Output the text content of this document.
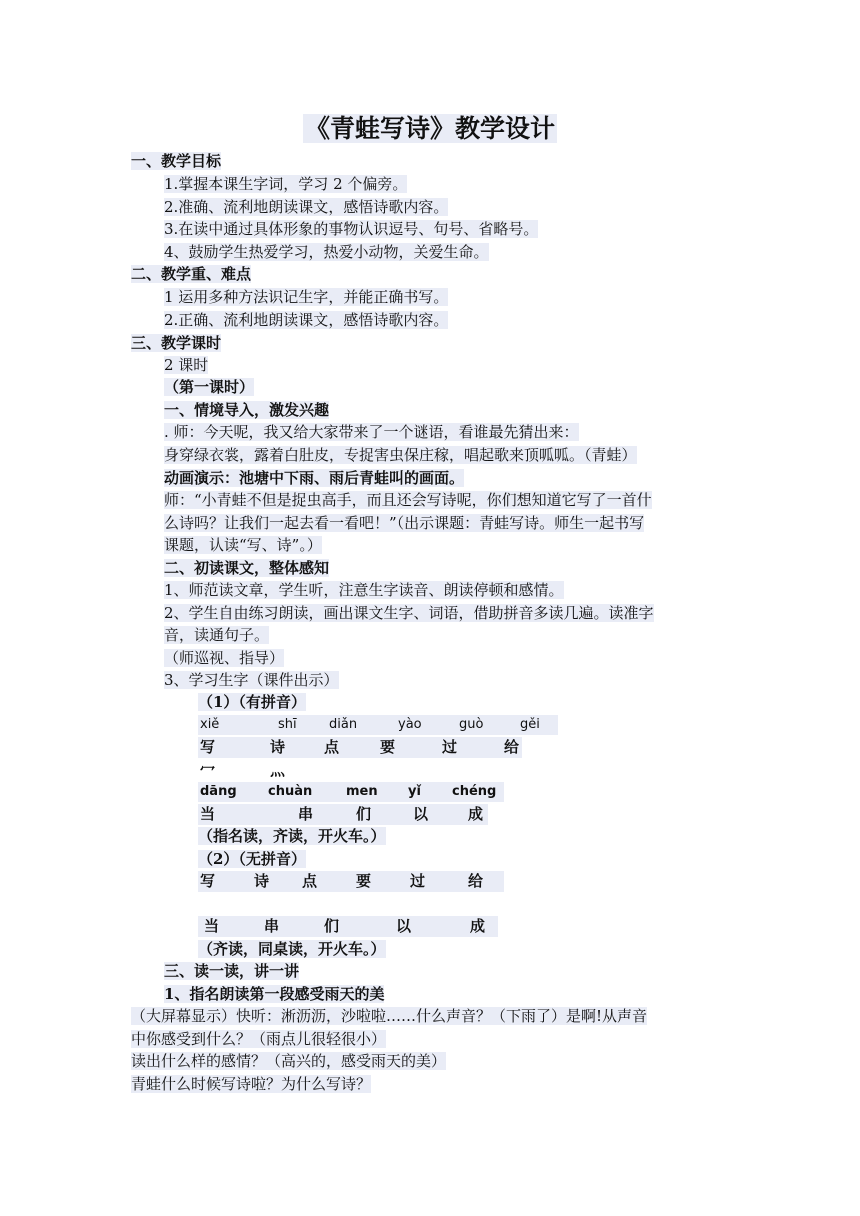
《青蛙写诗》教学设计
一、教学目标
1.掌握本课生字词，学习 2 个偏旁。
2.准确、流利地朗读课文，感悟诗歌内容。
3.在读中通过具体形象的事物认识逗号、句号、省略号。
4、鼓励学生热爱学习，热爱小动物，关爱生命。
二、教学重、难点
1 运用多种方法识记生字，并能正确书写。
2.正确、流利地朗读课文，感悟诗歌内容。
三、教学课时
2 课时
（第一课时）
一、情境导入，激发兴趣
. 师：今天呢，我又给大家带来了一个谜语，看谁最先猜出来：
身穿绿衣裳，露着白肚皮，专捉害虫保庄稼，唱起歌来顶呱呱。（青蛙）
动画演示：池塘中下雨、雨后青蛙叫的画面。
师：“小青蛙不但是捉虫高手，而且还会写诗呢，你们想知道它写了一首什
么诗吗？让我们一起去看一看吧！”（出示课题：青蛙写诗。师生一起书写
课题，认读“写、诗”。）
二、初读课文，整体感知
1、师范读文章，学生听，注意生字读音、朗读停顿和感情。
2、学生自由练习朗读，画出课文生字、词语，借助拼音多读几遍。读准字
音，读通句子。
（师巡视、指导）
3、学习生字（课件出示）
（1）（有拼音）
xiě	shī diǎn	yào	guò	gěi
写	诗	点	要	过	给
冖	灬
dāng chuàn	men yǐ chéng
当	串	们	以	成
（指名读，齐读，开火车。）
（2）（无拼音）
写	诗 点	要	过	给
当	串	们	以	成
（齐读，同桌读，开火车。）
三、读一读，讲一讲
1、指名朗读第一段感受雨天的美
（大屏幕显示）快听：淅沥沥，沙啦啦……什么声音？（下雨了）是啊!从声音
中你感受到什么？（雨点儿很轻很小）
读出什么样的感情？（高兴的，感受雨天的美）
青蛙什么时候写诗啦？为什么写诗？
